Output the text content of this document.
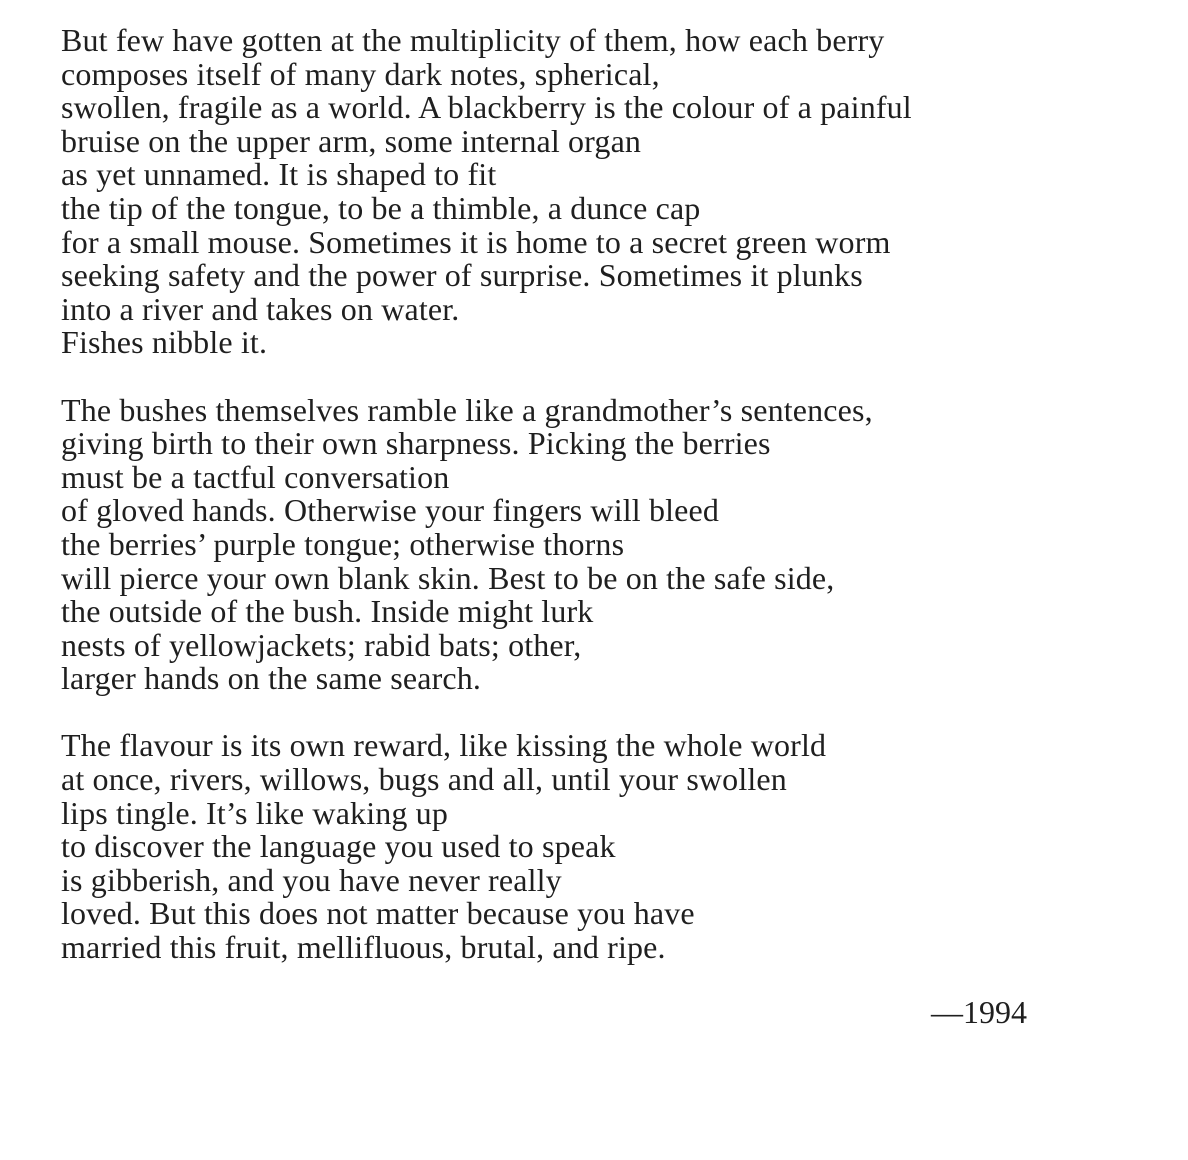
But few have gotten at the multiplicity of them, how each berry
composes itself of many dark notes, spherical,
swollen, fragile as a world. A blackberry is the colour of a painful
bruise on the upper arm, some internal organ
as yet unnamed. It is shaped to fit
the tip of the tongue, to be a thimble, a dunce cap
for a small mouse. Sometimes it is home to a secret green worm
seeking safety and the power of surprise. Sometimes it plunks
into a river and takes on water.
Fishes nibble it.
The bushes themselves ramble like a grandmother’s sentences,
giving birth to their own sharpness. Picking the berries
must be a tactful conversation
of gloved hands. Otherwise your fingers will bleed
the berries’ purple tongue; otherwise thorns
will pierce your own blank skin. Best to be on the safe side,
the outside of the bush. Inside might lurk
nests of yellowjackets; rabid bats; other,
larger hands on the same search.
The flavour is its own reward, like kissing the whole world
at once, rivers, willows, bugs and all, until your swollen
lips tingle. It’s like waking up
to discover the language you used to speak
is gibberish, and you have never really
loved. But this does not matter because you have
married this fruit, mellifluous, brutal, and ripe.
—1994
